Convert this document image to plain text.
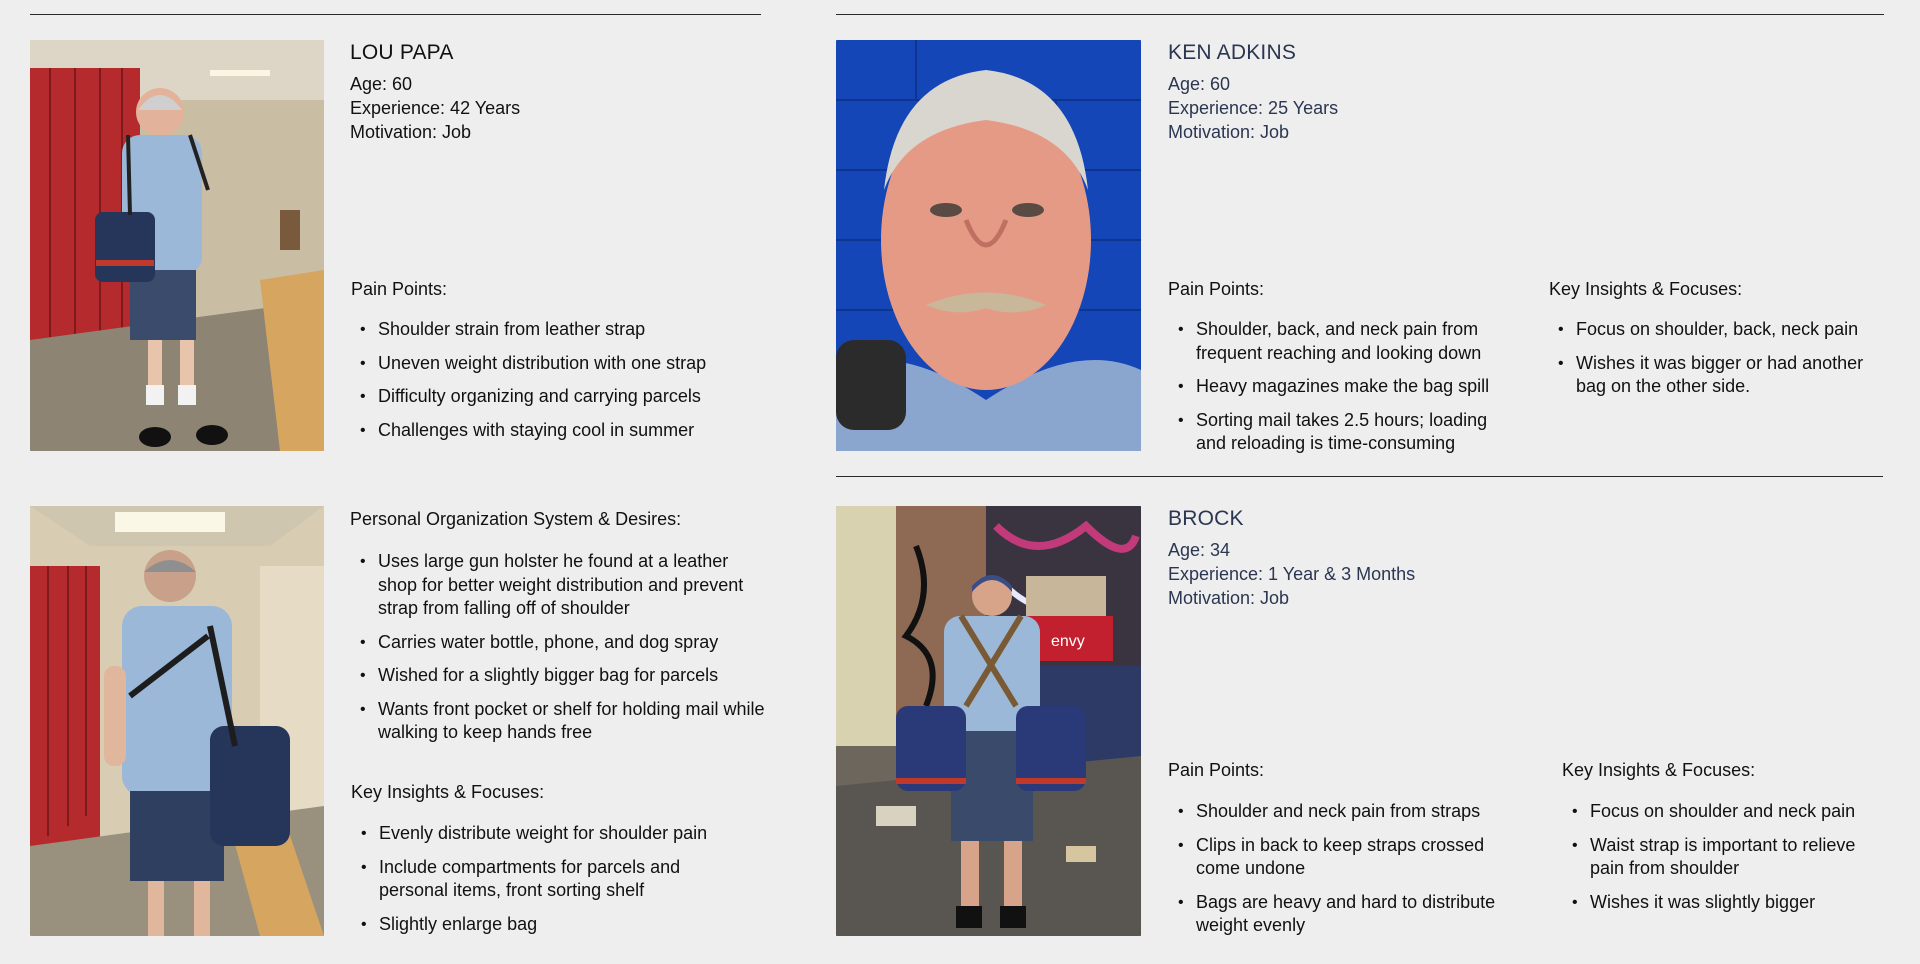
LOU PAPA
Age: 60
Experience: 42 Years
Motivation: Job
Pain Points:
• Shoulder strain from leather strap
• Uneven weight distribution with one strap
• Difficulty organizing and carrying parcels
• Challenges with staying cool in summer
Personal Organization System & Desires:
• Uses large gun holster he found at a leather shop for better weight distribution and prevent strap from falling off of shoulder
• Carries water bottle, phone, and dog spray
• Wished for a slightly bigger bag for parcels
• Wants front pocket or shelf for holding mail while walking to keep hands free
Key Insights & Focuses:
• Evenly distribute weight for shoulder pain
• Include compartments for parcels and personal items, front sorting shelf
• Slightly enlarge bag
KEN ADKINS
Age: 60
Experience: 25 Years
Motivation: Job
Pain Points:
• Shoulder, back, and neck pain from frequent reaching and looking down
• Heavy magazines make the bag spill
• Sorting mail takes 2.5 hours; loading and reloading is time-consuming
Key Insights & Focuses:
• Focus on shoulder, back, neck pain
• Wishes it was bigger or had another bag on the other side.
envy
BROCK
Age: 34
Experience: 1 Year & 3 Months
Motivation: Job
Pain Points:
• Shoulder and neck pain from straps
• Clips in back to keep straps crossed come undone
• Bags are heavy and hard to distribute weight evenly
Key Insights & Focuses:
• Focus on shoulder and neck pain
• Waist strap is important to relieve pain from shoulder
• Wishes it was slightly bigger
